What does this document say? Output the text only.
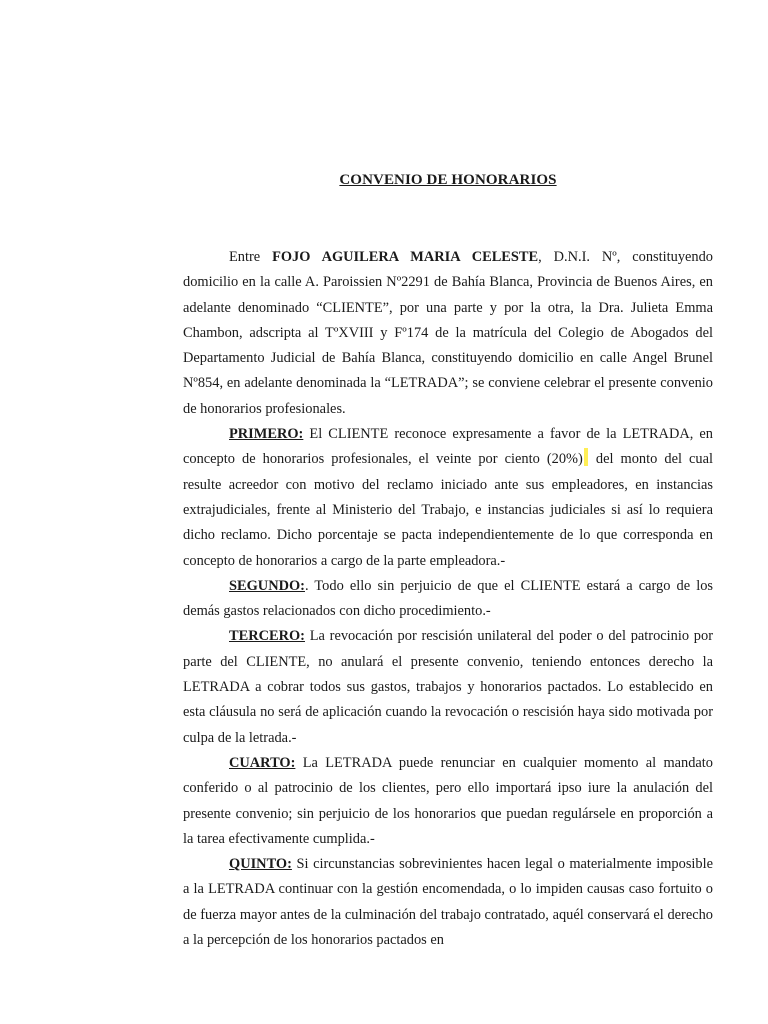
CONVENIO DE HONORARIOS

Entre FOJO AGUILERA MARIA CELESTE, D.N.I. Nº, constituyendo domicilio en la calle A. Paroissien Nº2291 de Bahía Blanca, Provincia de Buenos Aires, en adelante denominado “CLIENTE”, por una parte y por la otra, la Dra. Julieta Emma Chambon, adscripta al TºXVIII y Fº174 de la matrícula del Colegio de Abogados del Departamento Judicial de Bahía Blanca, constituyendo domicilio en calle Angel Brunel Nº854, en adelante denominada la “LETRADA”; se conviene celebrar el presente convenio de honorarios profesionales.

PRIMERO: El CLIENTE reconoce expresamente a favor de la LETRADA, en concepto de honorarios profesionales, el veinte por ciento (20%) del monto del cual resulte acreedor con motivo del reclamo iniciado ante sus empleadores, en instancias extrajudiciales, frente al Ministerio del Trabajo, e instancias judiciales si así lo requiera dicho reclamo. Dicho porcentaje se pacta independientemente de lo que corresponda en concepto de honorarios a cargo de la parte empleadora.-

SEGUNDO:. Todo ello sin perjuicio de que el CLIENTE estará a cargo de los demás gastos relacionados con dicho procedimiento.-

TERCERO: La revocación por rescisión unilateral del poder o del patrocinio por parte del CLIENTE, no anulará el presente convenio, teniendo entonces derecho la LETRADA a cobrar todos sus gastos, trabajos y honorarios pactados. Lo establecido en esta cláusula no será de aplicación cuando la revocación o rescisión haya sido motivada por culpa de la letrada.-

CUARTO: La LETRADA puede renunciar en cualquier momento al mandato conferido o al patrocinio de los clientes, pero ello importará ipso iure la anulación del presente convenio; sin perjuicio de los honorarios que puedan regulársele en proporción a la tarea efectivamente cumplida.-

QUINTO: Si circunstancias sobrevinientes hacen legal o materialmente imposible a la LETRADA continuar con la gestión encomendada, o lo impiden causas caso fortuito o de fuerza mayor antes de la culminación del trabajo contratado, aquél conservará el derecho a la percepción de los honorarios pactados en
